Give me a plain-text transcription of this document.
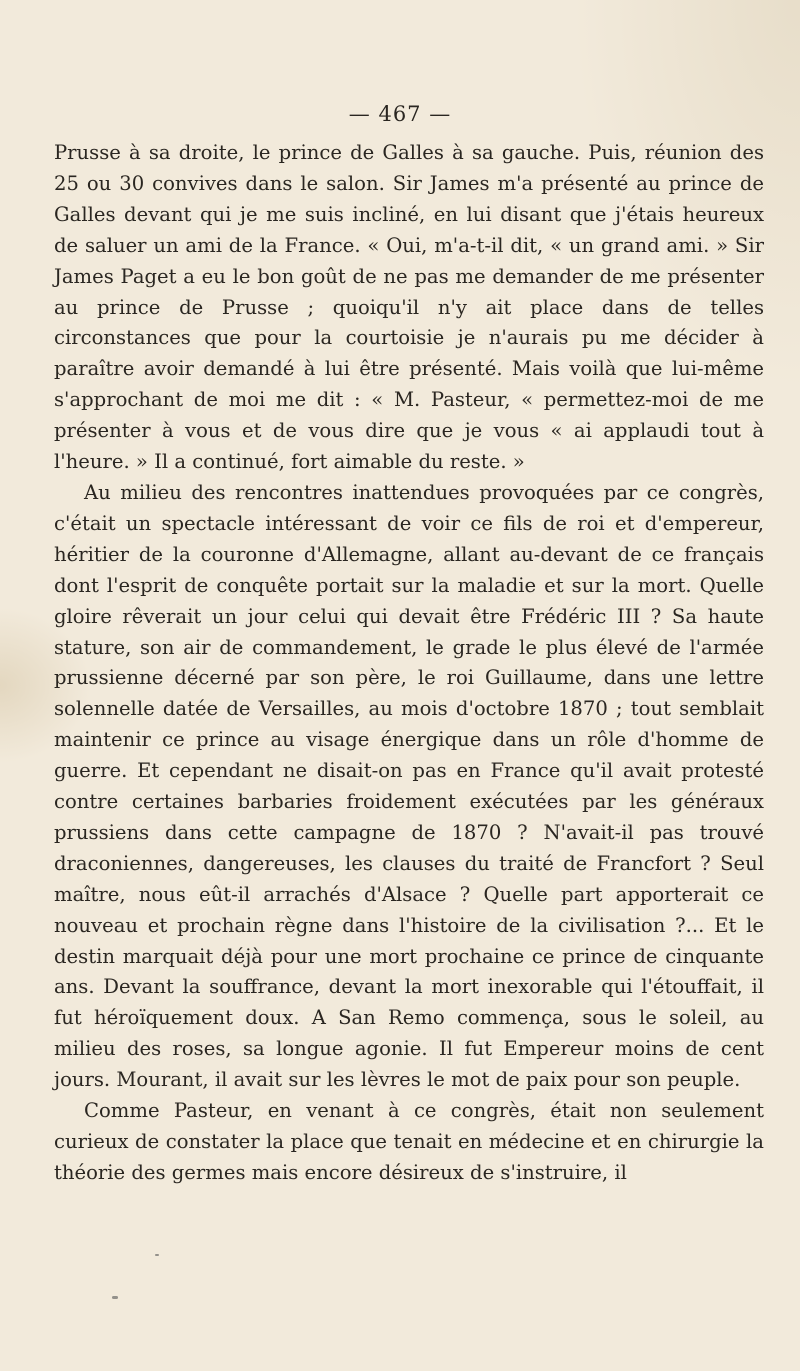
— 467 —

Prusse à sa droite, le prince de Galles à sa gauche. Puis, réunion des 25 ou 30 convives dans le salon. Sir James m'a présenté au prince de Galles devant qui je me suis incliné, en lui disant que j'étais heureux de saluer un ami de la France. « Oui, m'a-t-il dit, « un grand ami. » Sir James Paget a eu le bon goût de ne pas me demander de me présenter au prince de Prusse ; quoiqu'il n'y ait place dans de telles circonstances que pour la courtoisie je n'aurais pu me décider à paraître avoir demandé à lui être présenté. Mais voilà que lui-même s'approchant de moi me dit : « M. Pasteur, « permettez-moi de me présenter à vous et de vous dire que je vous « ai applaudi tout à l'heure. » Il a continué, fort aimable du reste. »

Au milieu des rencontres inattendues provoquées par ce congrès, c'était un spectacle intéressant de voir ce fils de roi et d'empereur, héritier de la couronne d'Allemagne, allant au-devant de ce français dont l'esprit de conquête portait sur la maladie et sur la mort. Quelle gloire rêverait un jour celui qui devait être Frédéric III ? Sa haute stature, son air de commandement, le grade le plus élevé de l'armée prussienne décerné par son père, le roi Guillaume, dans une lettre solennelle datée de Versailles, au mois d'octobre 1870 ; tout semblait maintenir ce prince au visage énergique dans un rôle d'homme de guerre. Et cependant ne disait-on pas en France qu'il avait protesté contre certaines barbaries froidement exécutées par les généraux prussiens dans cette campagne de 1870 ? N'avait-il pas trouvé draconiennes, dangereuses, les clauses du traité de Francfort ? Seul maître, nous eût-il arrachés d'Alsace ? Quelle part apporterait ce nouveau et prochain règne dans l'histoire de la civilisation ?... Et le destin marquait déjà pour une mort prochaine ce prince de cinquante ans. Devant la souffrance, devant la mort inexorable qui l'étouffait, il fut héroïquement doux. A San Remo commença, sous le soleil, au milieu des roses, sa longue agonie. Il fut Empereur moins de cent jours. Mourant, il avait sur les lèvres le mot de paix pour son peuple.

Comme Pasteur, en venant à ce congrès, était non seulement curieux de constater la place que tenait en médecine et en chirurgie la théorie des germes mais encore désireux de s'instruire, il
